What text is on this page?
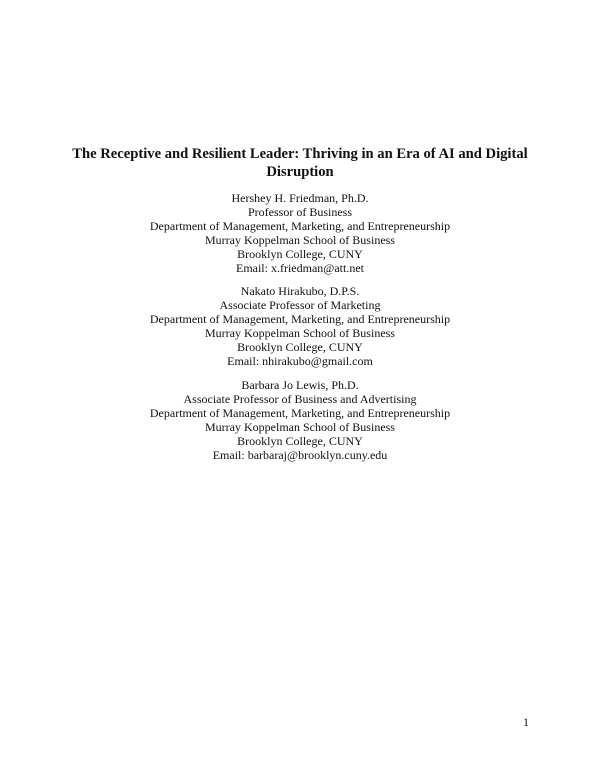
The Receptive and Resilient Leader: Thriving in an Era of AI and Digital Disruption
Hershey H. Friedman, Ph.D.
Professor of Business
Department of Management, Marketing, and Entrepreneurship
Murray Koppelman School of Business
Brooklyn College, CUNY
Email: x.friedman@att.net
Nakato Hirakubo, D.P.S.
Associate Professor of Marketing
Department of Management, Marketing, and Entrepreneurship
Murray Koppelman School of Business
Brooklyn College, CUNY
Email: nhirakubo@gmail.com
Barbara Jo Lewis, Ph.D.
Associate Professor of Business and Advertising
Department of Management, Marketing, and Entrepreneurship
Murray Koppelman School of Business
Brooklyn College, CUNY
Email: barbaraj@brooklyn.cuny.edu
1
